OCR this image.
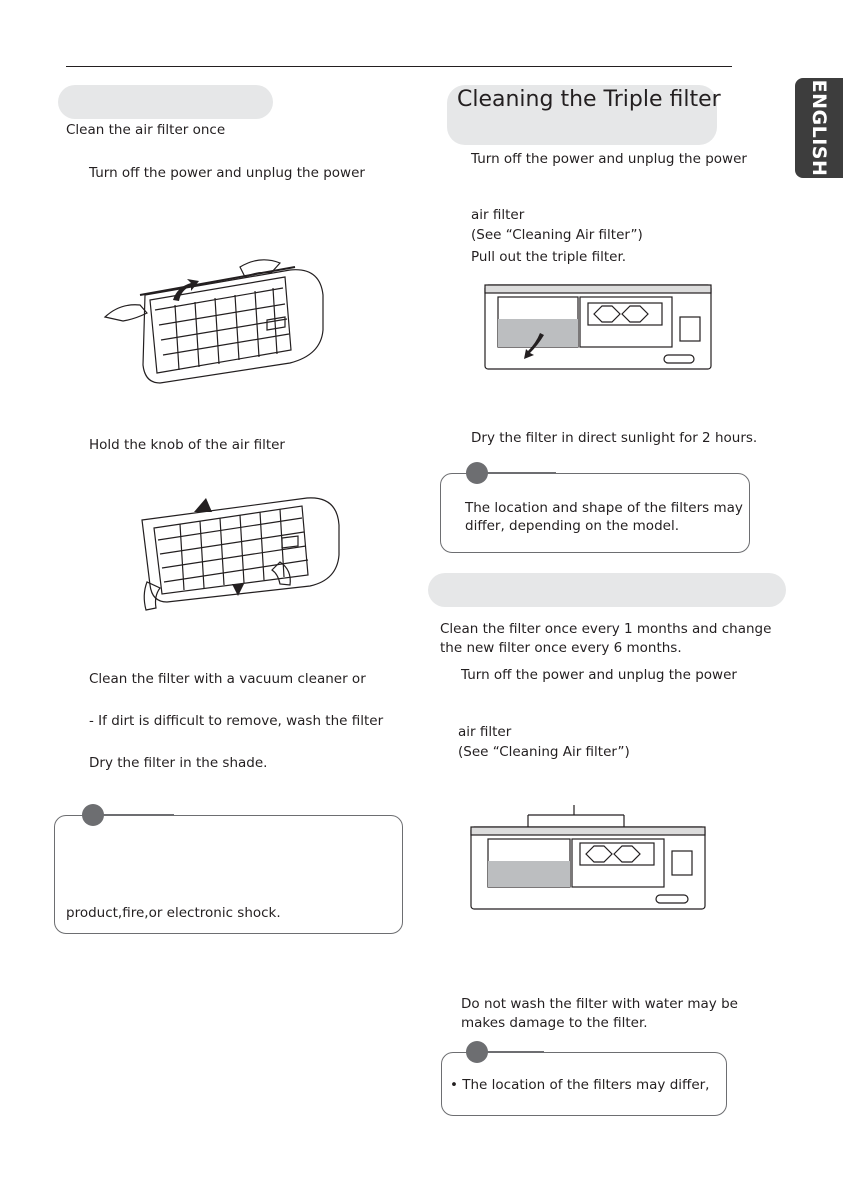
ENGLISH
Clean the air filter once
Turn off the power and unplug the power
Hold the knob of the air filter
Clean the filter with a vacuum cleaner or
- If dirt is difficult to remove, wash the filter
Dry the filter in the shade.
product,fire,or electronic shock.
Cleaning the Triple filter
Turn off the power and unplug the power
air filter
(See “Cleaning Air filter”)
Pull out the triple filter.
Dry the filter in direct sunlight for 2 hours.
The location and shape of the filters may
differ, depending on the model.
Clean the filter once every 1 months and change
the new filter once every 6 months.
Turn off the power and unplug the power
air filter
(See “Cleaning Air filter”)
Do not wash the filter with water may be
makes damage to the filter.
• The location of the filters may differ,
